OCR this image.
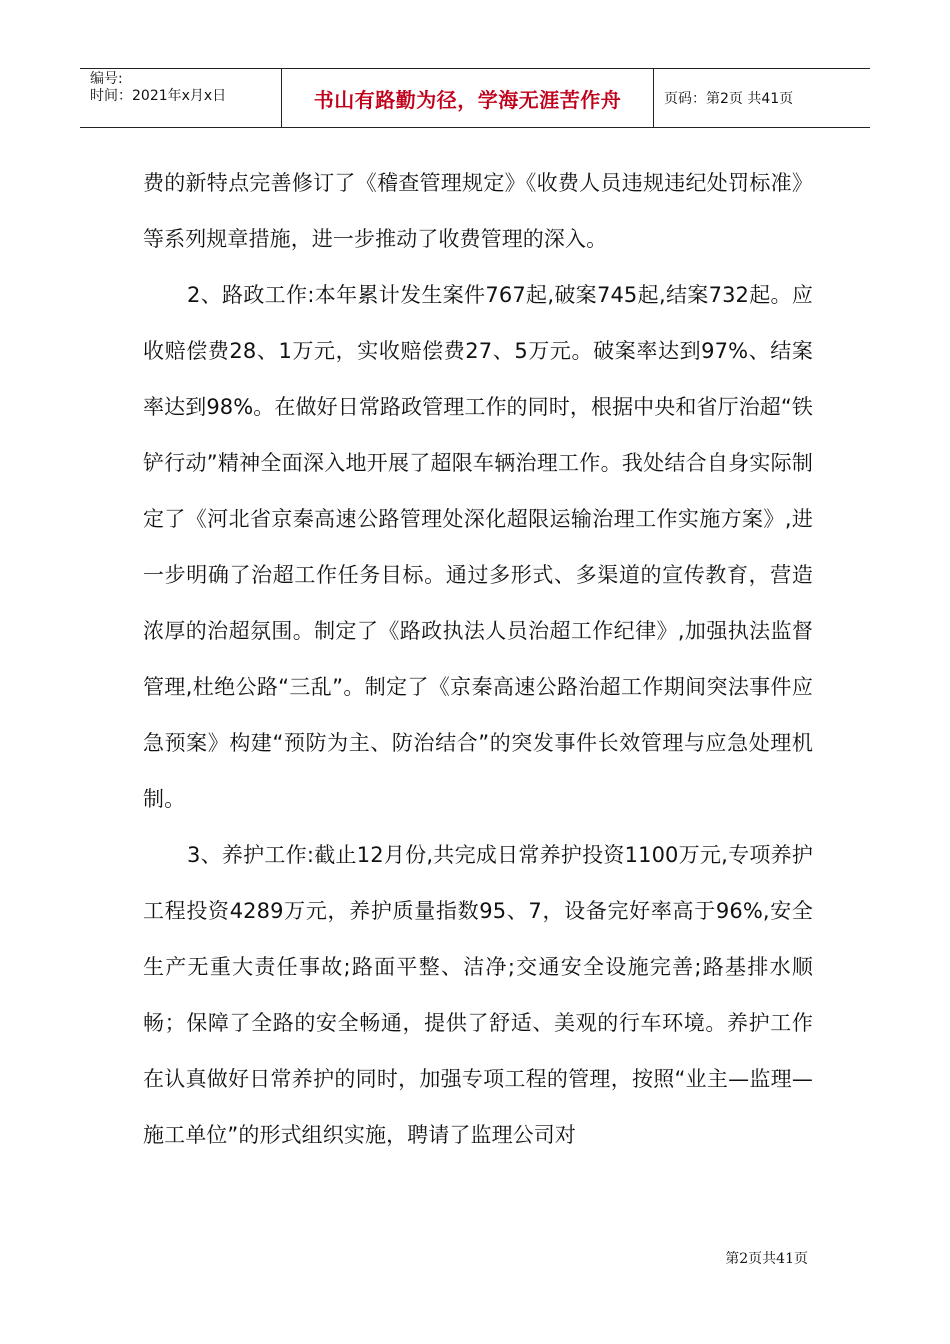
编号:
时间：2021年x月x日	书山有路勤为径，学海无涯苦作舟	页码：第2页 共41页

费的新特点完善修订了《稽查管理规定》《收费人员违规违纪处罚标准》等系列规章措施，进一步推动了收费管理的深入。

2、路政工作:本年累计发生案件767起,破案745起,结案732起。应收赔偿费28、1万元，实收赔偿费27、5万元。破案率达到97%、结案率达到98%。在做好日常路政管理工作的同时，根据中央和省厅治超“铁铲行动”精神全面深入地开展了超限车辆治理工作。我处结合自身实际制定了《河北省京秦高速公路管理处深化超限运输治理工作实施方案》,进一步明确了治超工作任务目标。通过多形式、多渠道的宣传教育，营造浓厚的治超氛围。制定了《路政执法人员治超工作纪律》,加强执法监督管理,杜绝公路“三乱”。制定了《京秦高速公路治超工作期间突法事件应急预案》构建“预防为主、防治结合”的突发事件长效管理与应急处理机制。

3、养护工作:截止12月份,共完成日常养护投资1100万元,专项养护工程投资4289万元，养护质量指数95、7，设备完好率高于96%,安全生产无重大责任事故;路面平整、洁净;交通安全设施完善;路基排水顺畅；保障了全路的安全畅通，提供了舒适、美观的行车环境。养护工作在认真做好日常养护的同时，加强专项工程的管理，按照“业主—监理—施工单位”的形式组织实施，聘请了监理公司对

第2页共41页
